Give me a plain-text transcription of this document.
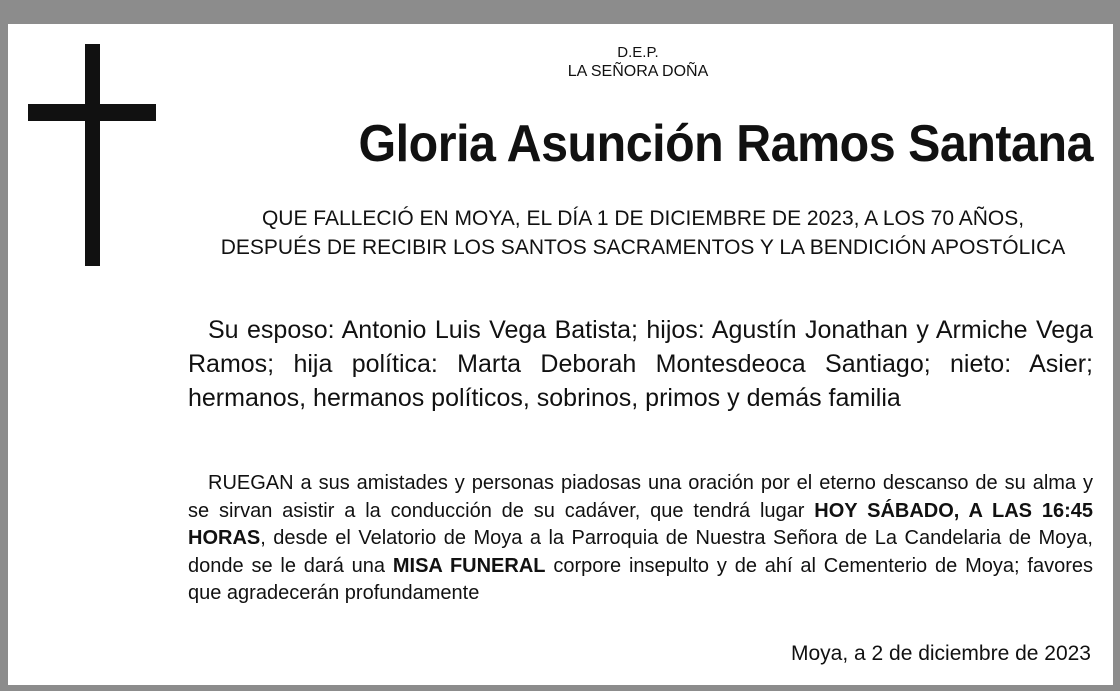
D.E.P.
LA SEÑORA DOÑA
Gloria Asunción Ramos Santana
QUE FALLECIÓ EN MOYA, EL DÍA 1 DE DICIEMBRE DE 2023, A LOS 70 AÑOS, DESPUÉS DE RECIBIR LOS SANTOS SACRAMENTOS Y LA BENDICIÓN APOSTÓLICA
Su esposo: Antonio Luis Vega Batista; hijos: Agustín Jonathan y Armiche Vega Ramos; hija política: Marta Deborah Montesdeoca Santiago; nieto: Asier; hermanos, hermanos políticos, sobrinos, primos y demás familia
RUEGAN a sus amistades y personas piadosas una oración por el eterno descanso de su alma y se sirvan asistir a la conducción de su cadáver, que tendrá lugar HOY SÁBADO, A LAS 16:45 HORAS, desde el Velatorio de Moya a la Parroquia de Nuestra Señora de La Candelaria de Moya, donde se le dará una MISA FUNERAL corpore insepulto y de ahí al Cementerio de Moya; favores que agradecerán profundamente
Moya, a 2 de diciembre de 2023
